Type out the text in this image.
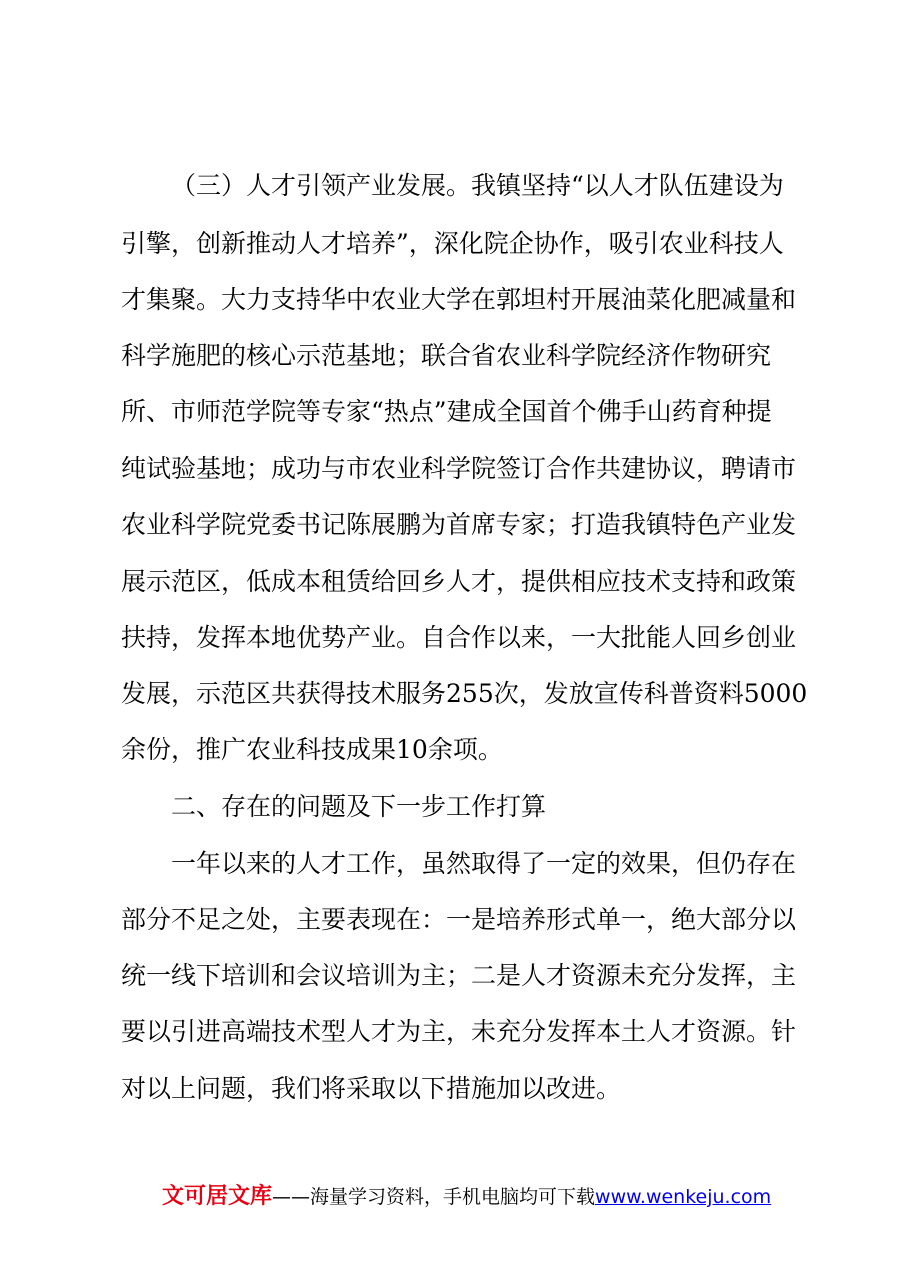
（三）人才引领产业发展。我镇坚持“以人才队伍建设为
引擎，创新推动人才培养”，深化院企协作，吸引农业科技人
才集聚。大力支持华中农业大学在郭坦村开展油菜化肥减量和
科学施肥的核心示范基地；联合省农业科学院经济作物研究
所、市师范学院等专家“热点”建成全国首个佛手山药育种提
纯试验基地；成功与市农业科学院签订合作共建协议，聘请市
农业科学院党委书记陈展鹏为首席专家；打造我镇特色产业发
展示范区，低成本租赁给回乡人才，提供相应技术支持和政策
扶持，发挥本地优势产业。自合作以来，一大批能人回乡创业
发展，示范区共获得技术服务255次，发放宣传科普资料5000
余份，推广农业科技成果10余项。
二、存在的问题及下一步工作打算
一年以来的人才工作，虽然取得了一定的效果，但仍存在
部分不足之处，主要表现在：一是培养形式单一，绝大部分以
统一线下培训和会议培训为主；二是人才资源未充分发挥，主
要以引进高端技术型人才为主，未充分发挥本土人才资源。针
对以上问题，我们将采取以下措施加以改进。
文可居文库——海量学习资料，手机电脑均可下载www.wenkeju.com
